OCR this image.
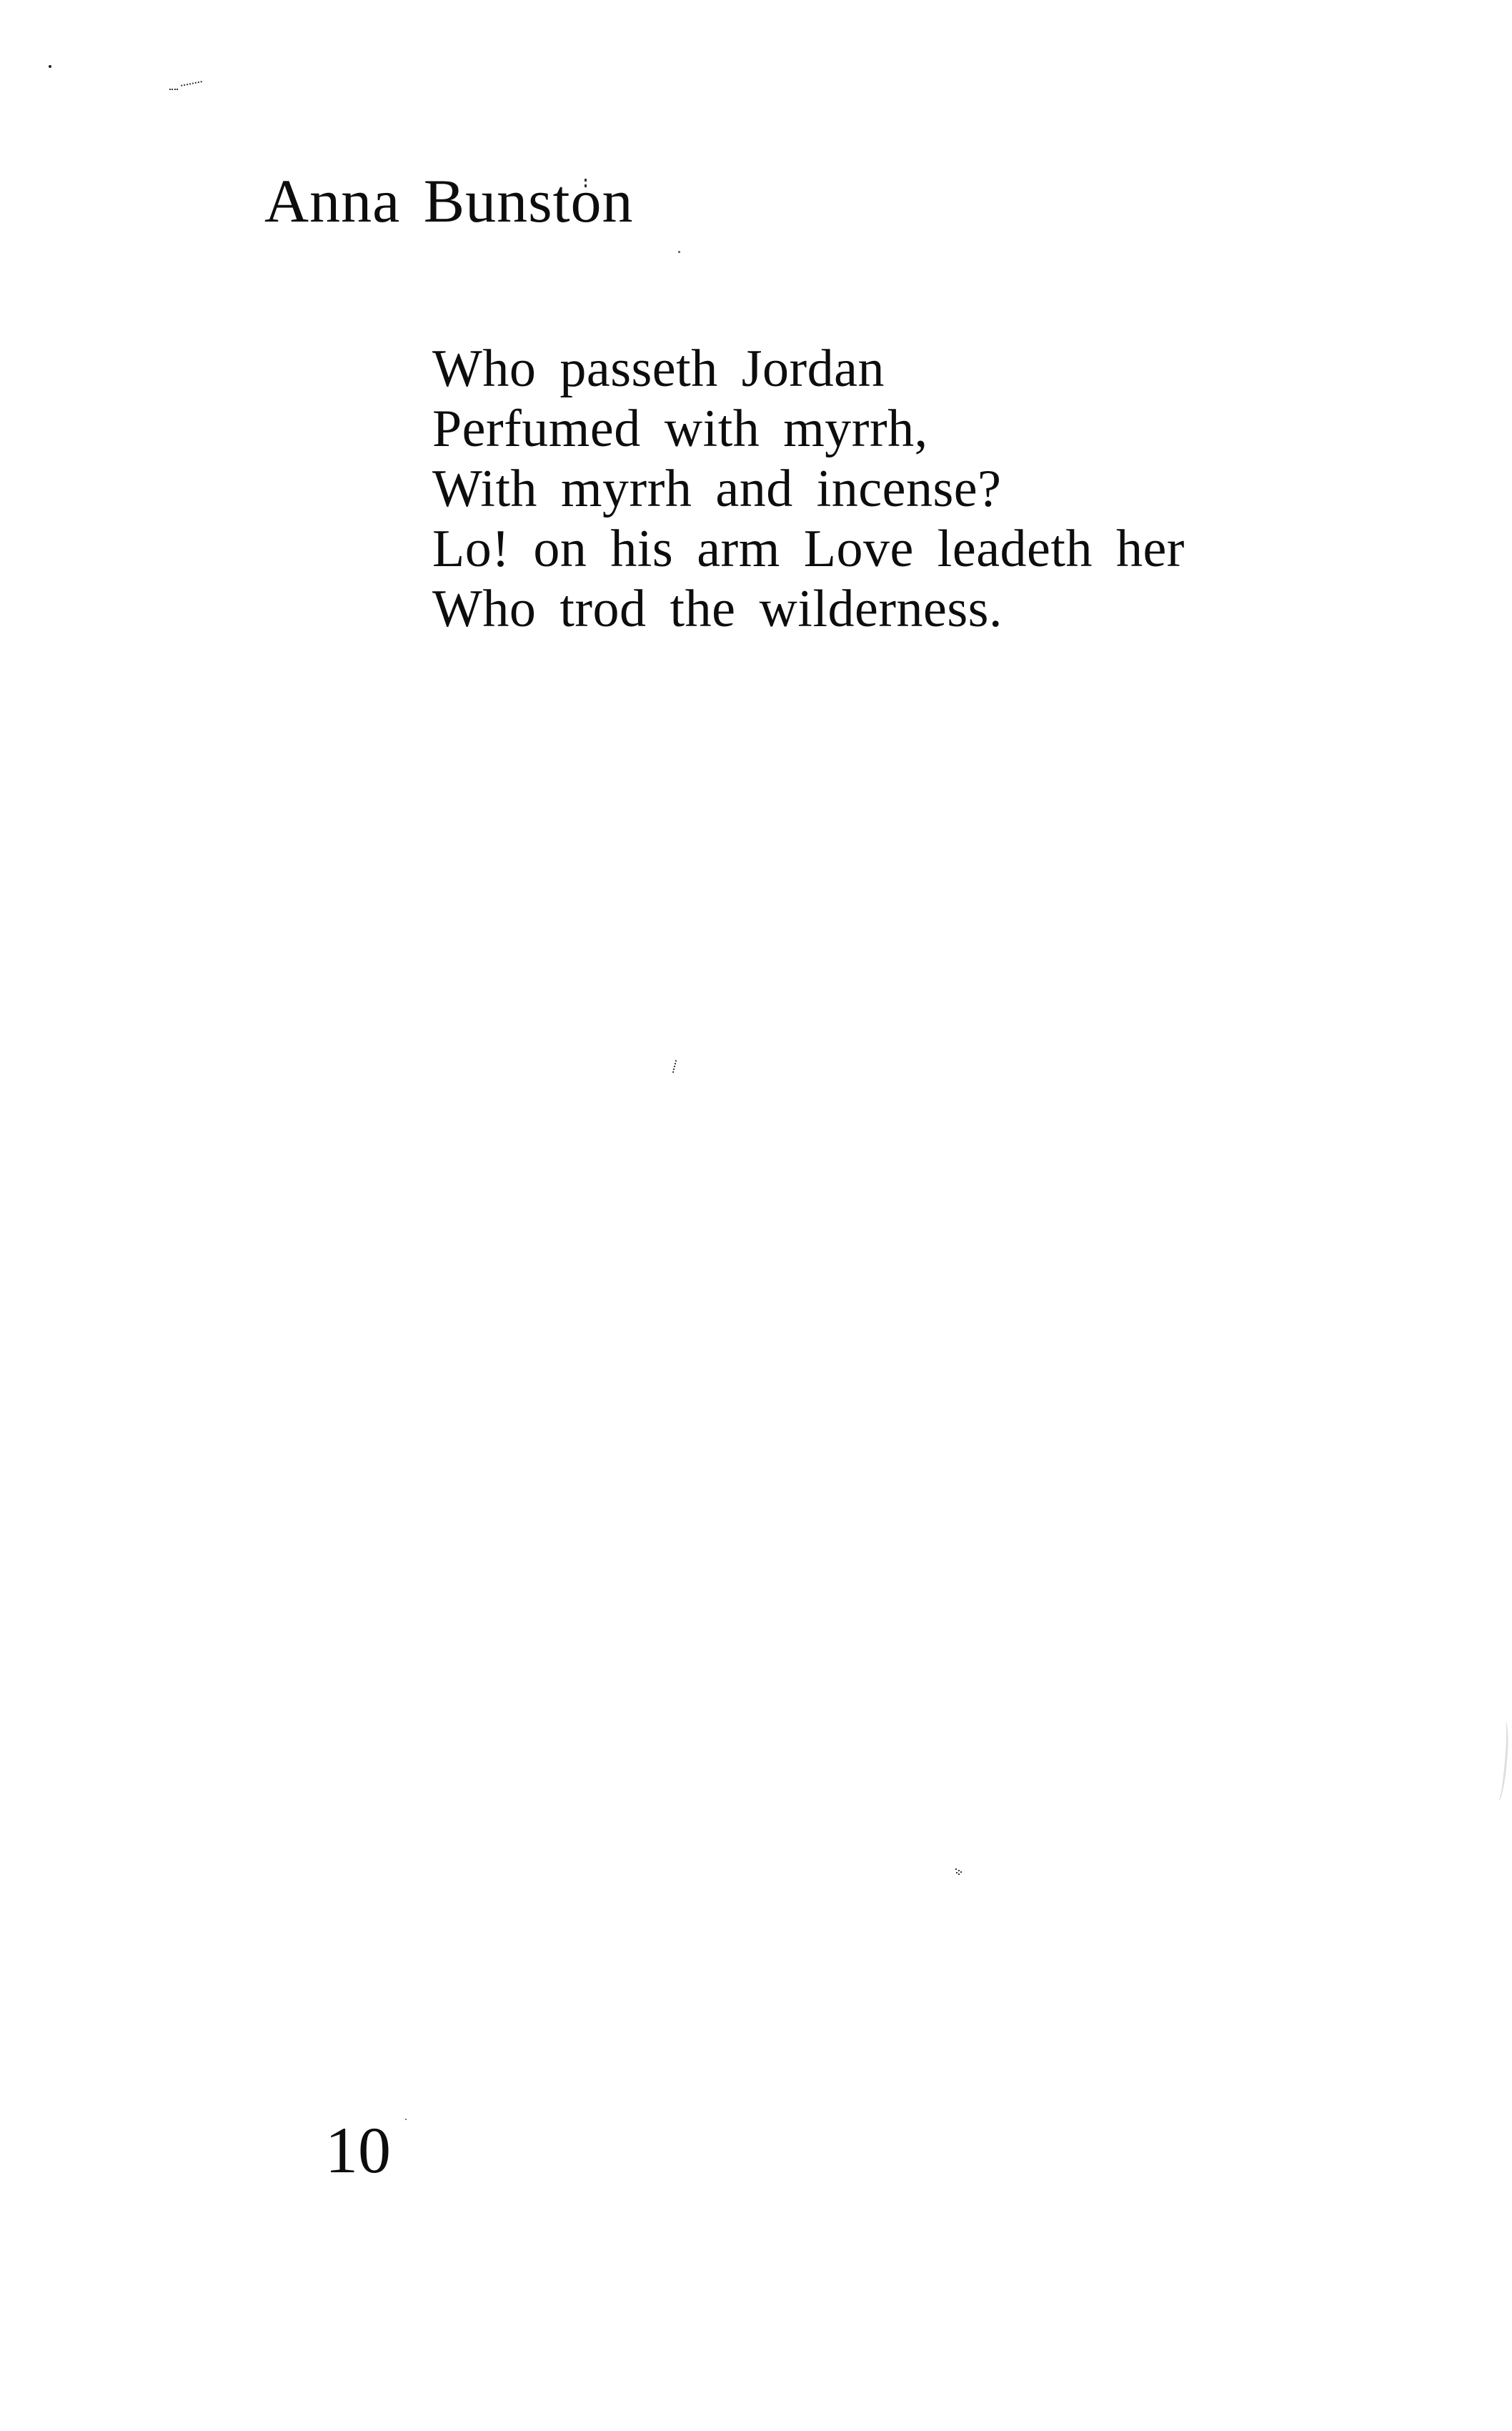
Anna Bunston
Who passeth Jordan
Perfumed with myrrh,
With myrrh and incense?
Lo! on his arm Love leadeth her
Who trod the wilderness.
10
